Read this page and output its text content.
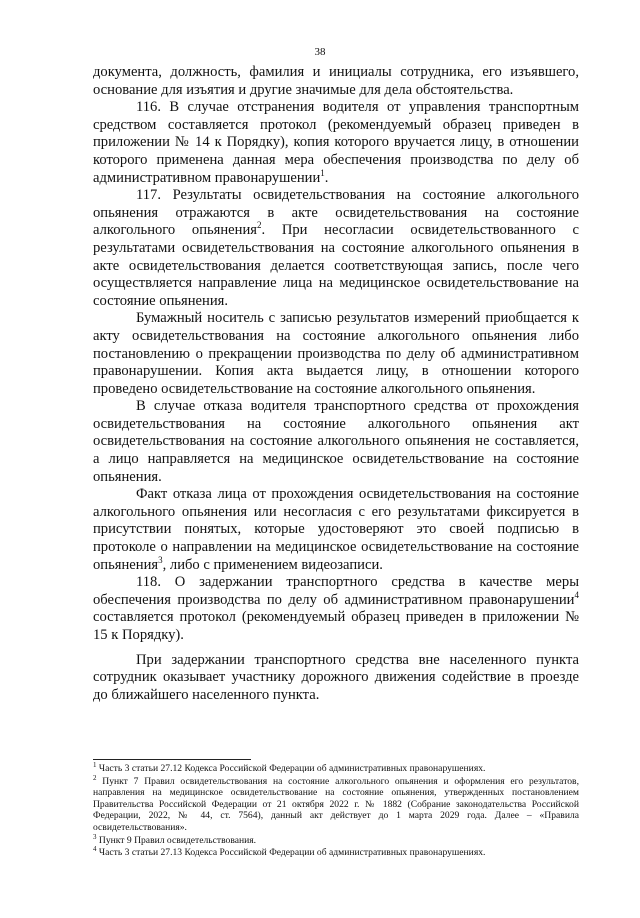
38

документа, должность, фамилия и инициалы сотрудника, его изъявшего, основание для изъятия и другие значимые для дела обстоятельства.

116. В случае отстранения водителя от управления транспортным средством составляется протокол (рекомендуемый образец приведен в приложении № 14 к Порядку), копия которого вручается лицу, в отношении которого применена данная мера обеспечения производства по делу об административном правонарушении$^1$.

117. Результаты освидетельствования на состояние алкогольного опьянения отражаются в акте освидетельствования на состояние алкогольного опьянения$^2$. При несогласии освидетельствованного с результатами освидетельствования на состояние алкогольного опьянения в акте освидетельствования делается соответствующая запись, после чего осуществляется направление лица на медицинское освидетельствование на состояние опьянения.

Бумажный носитель с записью результатов измерений приобщается к акту освидетельствования на состояние алкогольного опьянения либо постановлению о прекращении производства по делу об административном правонарушении. Копия акта выдается лицу, в отношении которого проведено освидетельствование на состояние алкогольного опьянения.

В случае отказа водителя транспортного средства от прохождения освидетельствования на состояние алкогольного опьянения акт освидетельствования на состояние алкогольного опьянения не составляется, а лицо направляется на медицинское освидетельствование на состояние опьянения.

Факт отказа лица от прохождения освидетельствования на состояние алкогольного опьянения или несогласия с его результатами фиксируется в присутствии понятых, которые удостоверяют это своей подписью в протоколе о направлении на медицинское освидетельствование на состояние опьянения$^3$, либо с применением видеозаписи.

118. О задержании транспортного средства в качестве меры обеспечения производства по делу об административном правонарушении$^4$ составляется протокол (рекомендуемый образец приведен в приложении № 15 к Порядку).

При задержании транспортного средства вне населенного пункта сотрудник оказывает участнику дорожного движения содействие в проезде до ближайшего населенного пункта.

$^1$ Часть 3 статьи 27.12 Кодекса Российской Федерации об административных правонарушениях.

$^2$ Пункт 7 Правил освидетельствования на состояние алкогольного опьянения и оформления его результатов, направления на медицинское освидетельствование на состояние опьянения, утвержденных постановлением Правительства Российской Федерации от 21 октября 2022 г. № 1882 (Собрание законодательства Российской Федерации, 2022, № 44, ст. 7564), данный акт действует до 1 марта 2029 года. Далее – «Правила освидетельствования».

$^3$ Пункт 9 Правил освидетельствования.

$^4$ Часть 3 статьи 27.13 Кодекса Российской Федерации об административных правонарушениях.
